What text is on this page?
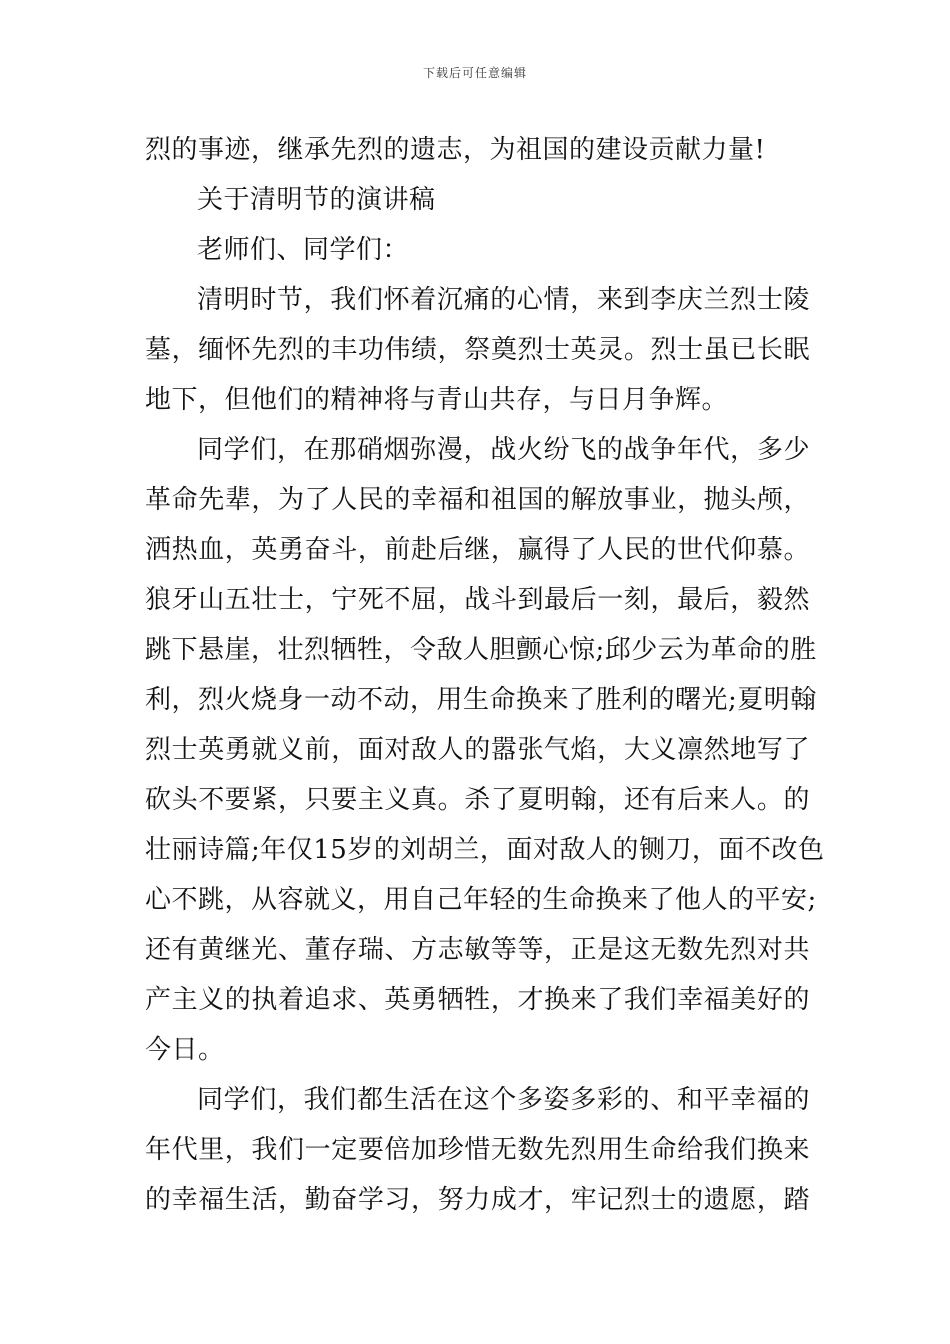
下载后可任意编辑
烈的事迹，继承先烈的遗志，为祖国的建设贡献力量!
关于清明节的演讲稿
老师们、同学们：
清明时节，我们怀着沉痛的心情，来到李庆兰烈士陵
墓，缅怀先烈的丰功伟绩，祭奠烈士英灵。烈士虽已长眠
地下，但他们的精神将与青山共存，与日月争辉。
同学们，在那硝烟弥漫，战火纷飞的战争年代，多少
革命先辈，为了人民的幸福和祖国的解放事业，抛头颅，
洒热血，英勇奋斗，前赴后继，赢得了人民的世代仰慕。
狼牙山五壮士，宁死不屈，战斗到最后一刻，最后，毅然
跳下悬崖，壮烈牺牲，令敌人胆颤心惊;邱少云为革命的胜
利，烈火烧身一动不动，用生命换来了胜利的曙光;夏明翰
烈士英勇就义前，面对敌人的嚣张气焰，大义凛然地写了
砍头不要紧，只要主义真。杀了夏明翰，还有后来人。的
壮丽诗篇;年仅15岁的刘胡兰，面对敌人的铡刀，面不改色
心不跳，从容就义，用自己年轻的生命换来了他人的平安;
还有黄继光、董存瑞、方志敏等等，正是这无数先烈对共
产主义的执着追求、英勇牺牲，才换来了我们幸福美好的
今日。
同学们，我们都生活在这个多姿多彩的、和平幸福的
年代里，我们一定要倍加珍惜无数先烈用生命给我们换来
的幸福生活，勤奋学习，努力成才，牢记烈士的遗愿，踏
